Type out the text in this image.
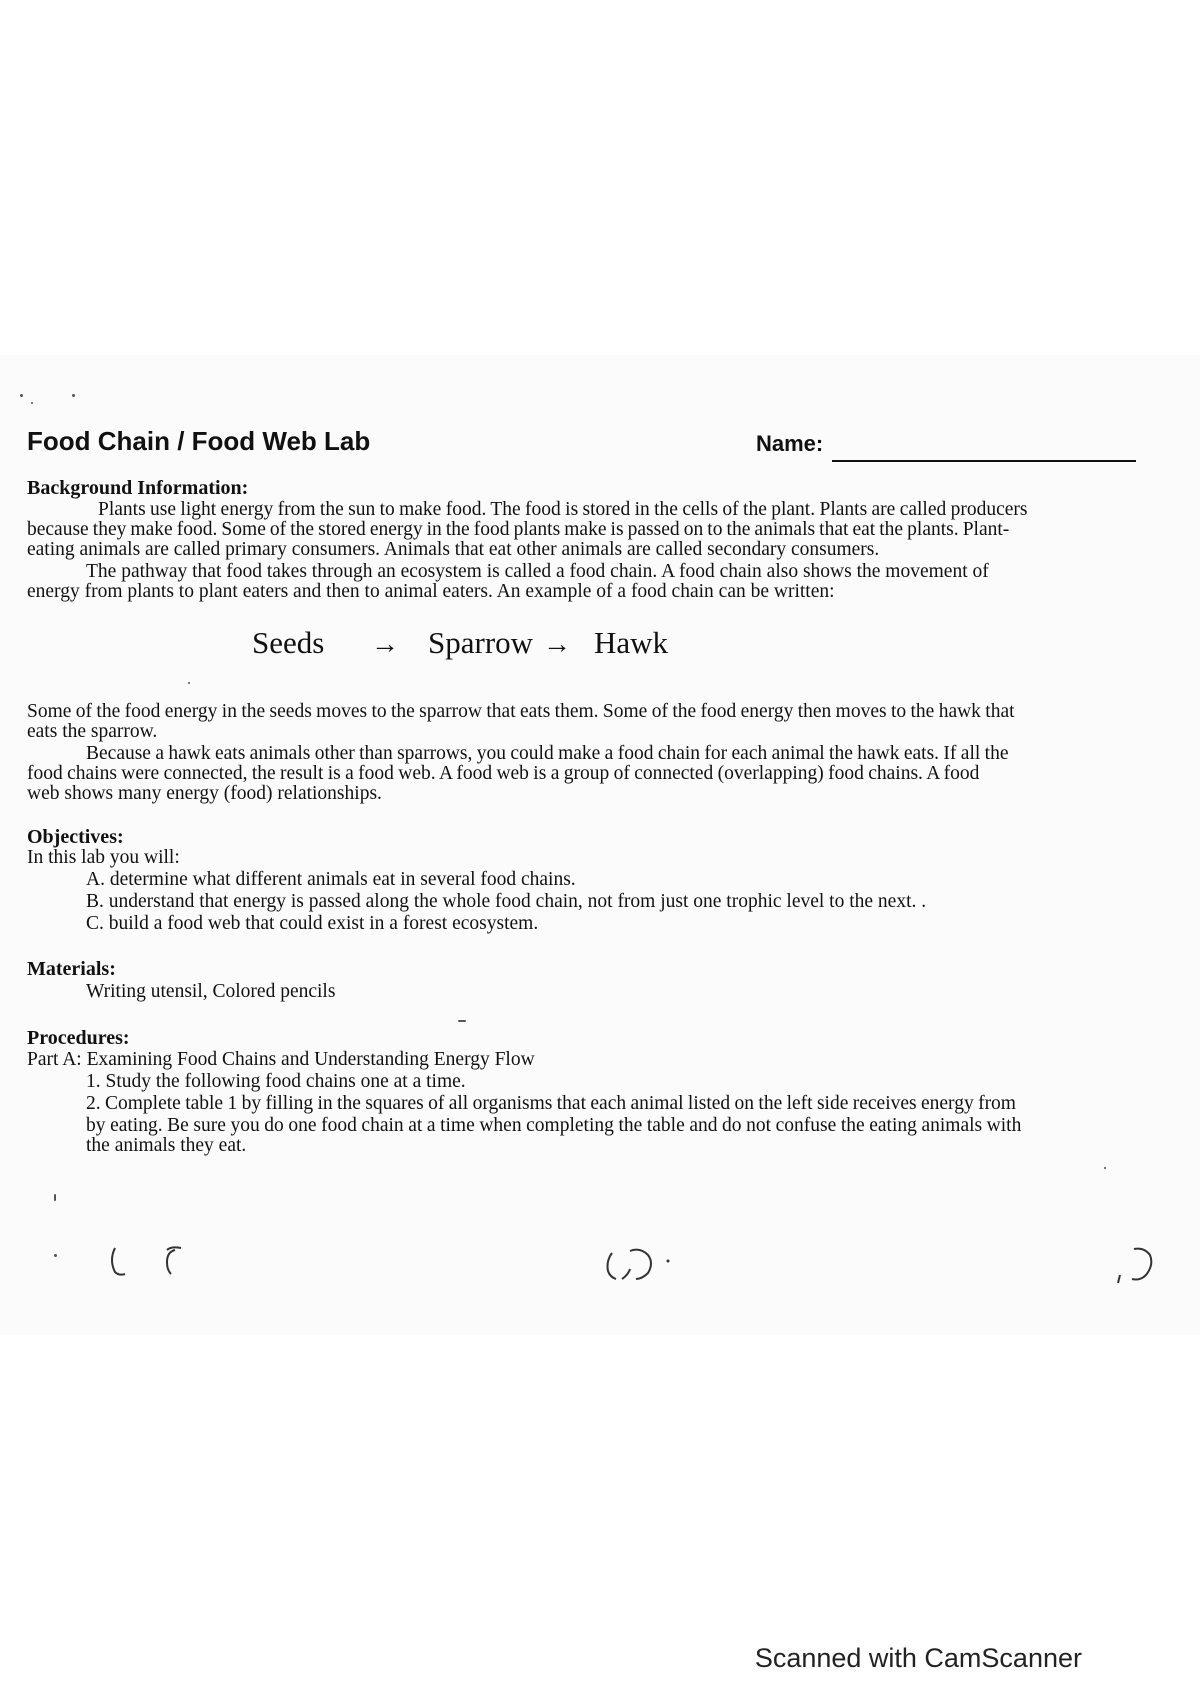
Food Chain / Food Web Lab	Name:
Background Information:
Plants use light energy from the sun to make food. The food is stored in the cells of the plant. Plants are called producers
because they make food. Some of the stored energy in the food plants make is passed on to the animals that eat the plants. Plant-
eating animals are called primary consumers. Animals that eat other animals are called secondary consumers.
The pathway that food takes through an ecosystem is called a food chain. A food chain also shows the movement of
energy from plants to plant eaters and then to animal eaters. An example of a food chain can be written:
Seeds → Sparrow → Hawk
Some of the food energy in the seeds moves to the sparrow that eats them. Some of the food energy then moves to the hawk that
eats the sparrow.
Because a hawk eats animals other than sparrows, you could make a food chain for each animal the hawk eats. If all the
food chains were connected, the result is a food web. A food web is a group of connected (overlapping) food chains. A food
web shows many energy (food) relationships.
Objectives:
In this lab you will:
A. determine what different animals eat in several food chains.
B. understand that energy is passed along the whole food chain, not from just one trophic level to the next. .
C. build a food web that could exist in a forest ecosystem.
Materials:
Writing utensil, Colored pencils
Procedures:
Part A: Examining Food Chains and Understanding Energy Flow
1. Study the following food chains one at a time.
2. Complete table 1 by filling in the squares of all organisms that each animal listed on the left side receives energy from
by eating. Be sure you do one food chain at a time when completing the table and do not confuse the eating animals with
the animals they eat.
Scanned with CamScanner
